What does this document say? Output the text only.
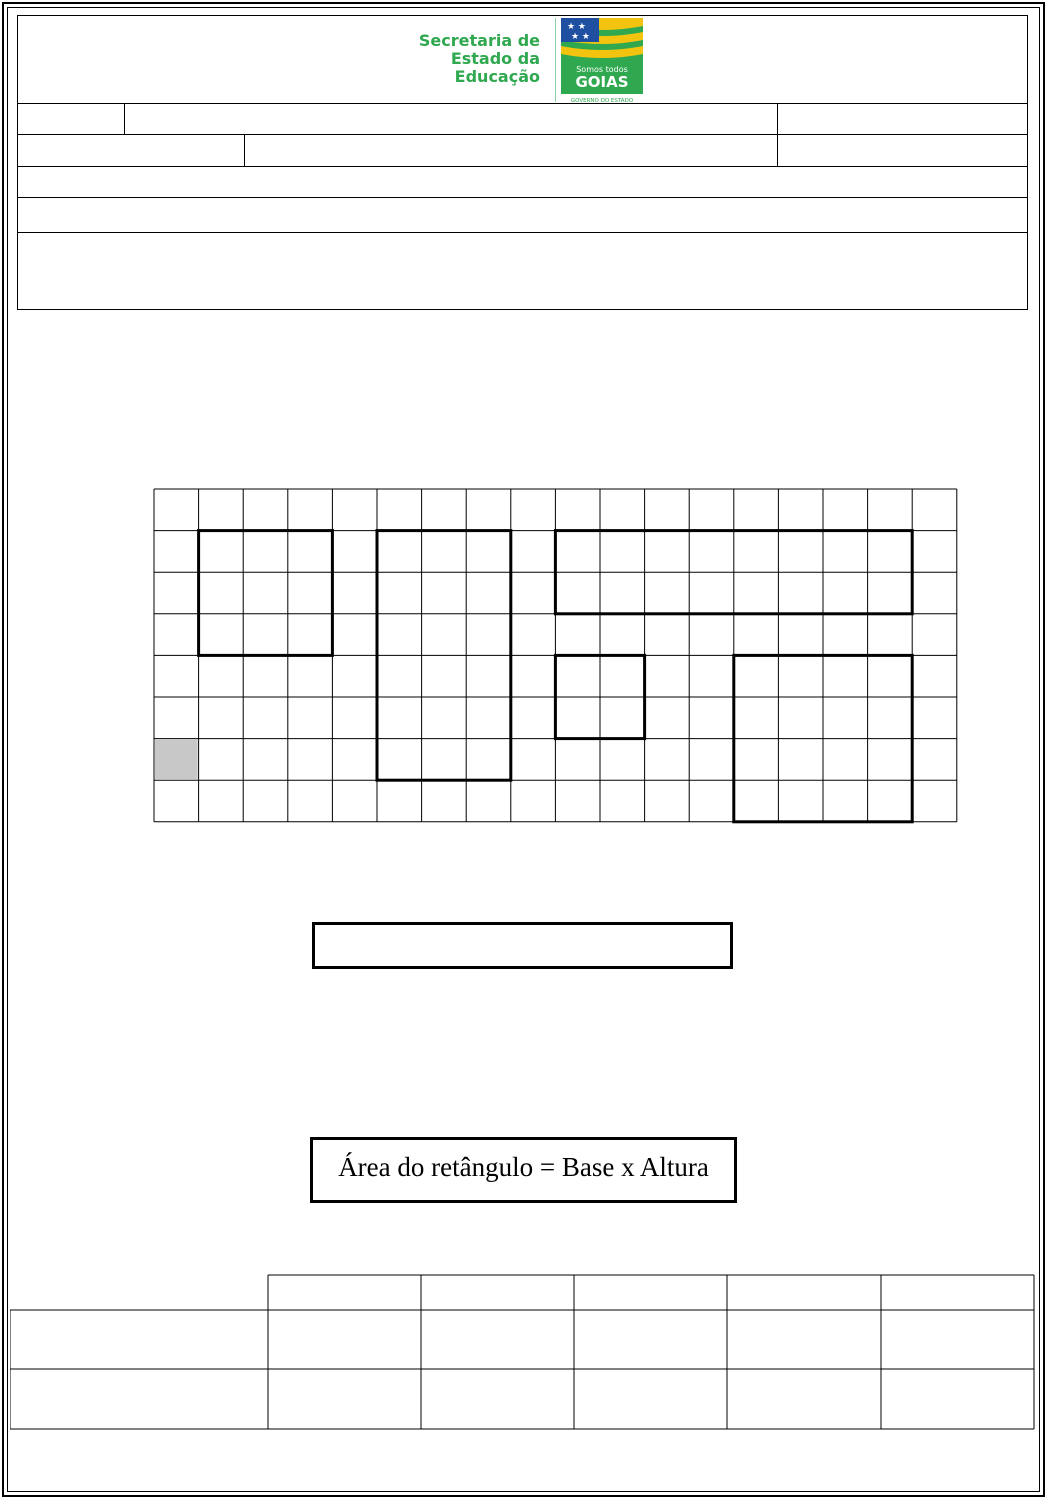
Secretaria de
Estado da
Educação
★ ★
★ ★
Somos todos
GOIAS
GOVERNO DO ESTADO
Área do retângulo = Base x Altura
